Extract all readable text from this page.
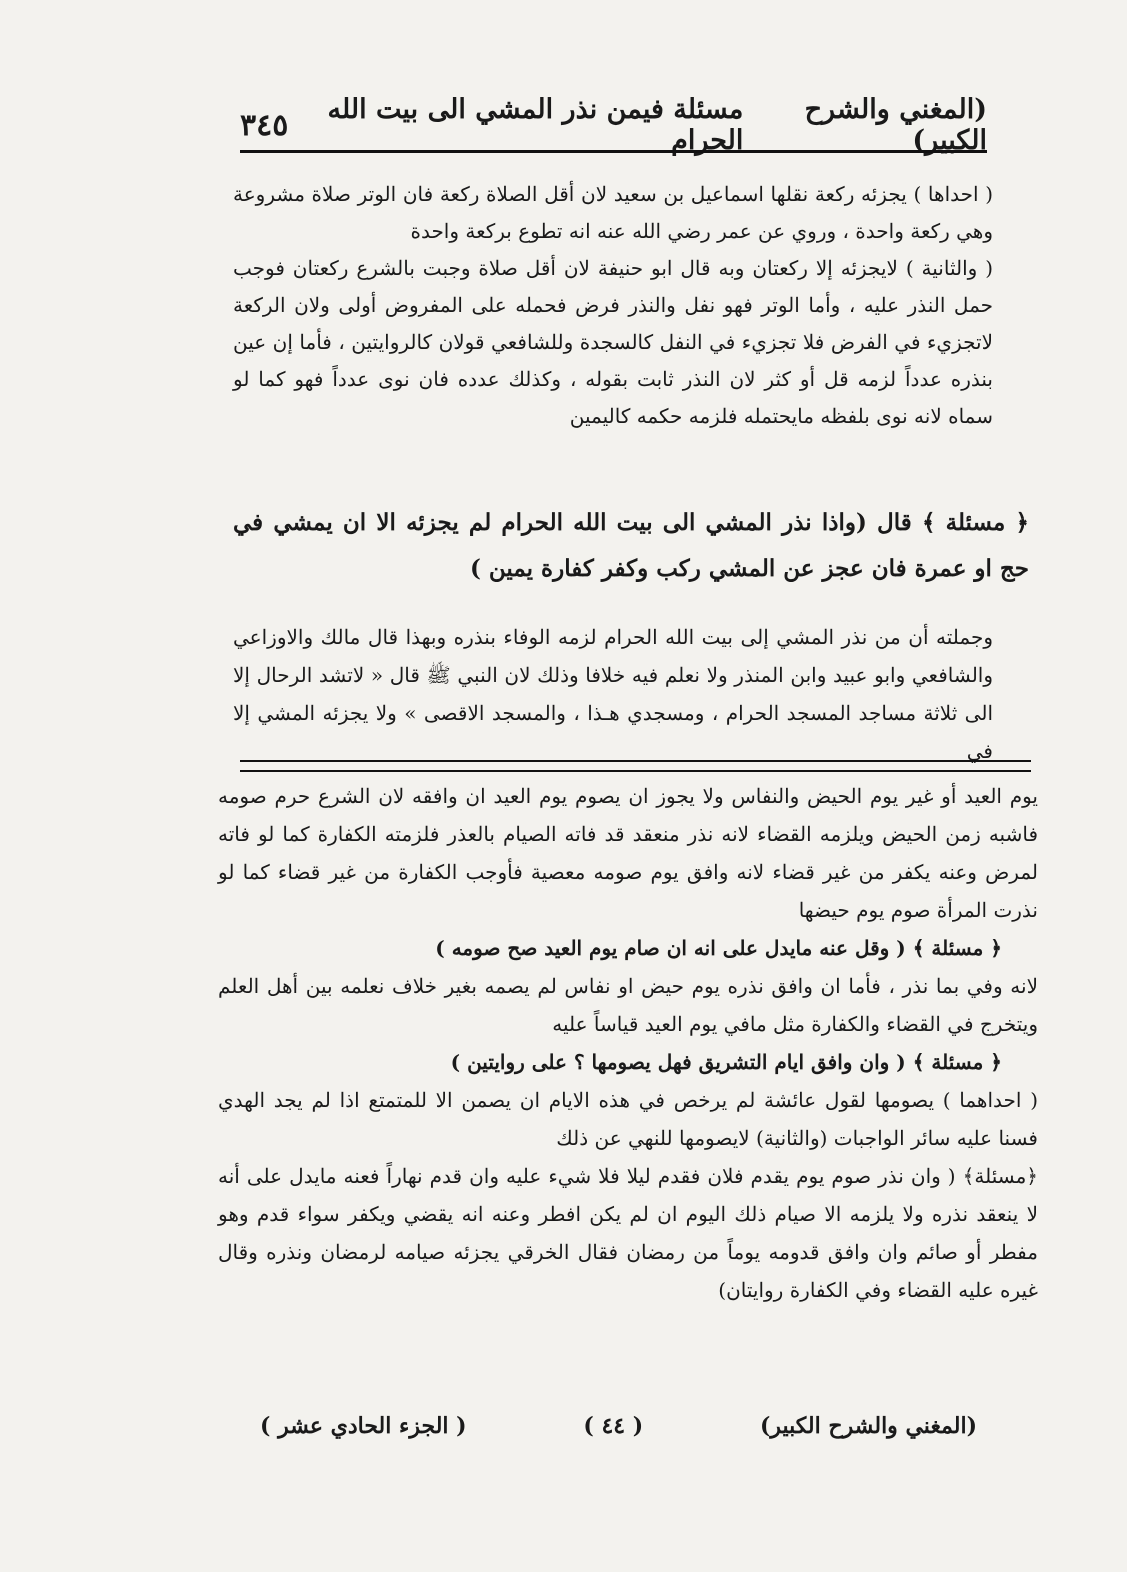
(المغني والشرح الكبير)
مسئلة فيمن نذر المشي الى بيت الله الحرام
٣٤٥

( احداها ) يجزئه ركعة نقلها اسماعيل بن سعيد لان أقل الصلاة ركعة فان الوتر صلاة مشروعة وهي ركعة واحدة ، وروي عن عمر رضي الله عنه انه تطوع بركعة واحدة

( والثانية ) لايجزئه إلا ركعتان وبه قال ابو حنيفة لان أقل صلاة وجبت بالشرع ركعتان فوجب حمل النذر عليه ، وأما الوتر فهو نفل والنذر فرض فحمله على المفروض أولى ولان الركعة لاتجزيء في الفرض فلا تجزيء في النفل كالسجدة وللشافعي قولان كالروايتين ، فأما إن عين بنذره عدداً لزمه قل أو كثر لان النذر ثابت بقوله ، وكذلك عدده فان نوى عدداً فهو كما لو سماه لانه نوى بلفظه مايحتمله فلزمه حكمه كاليمين

﴿ مسئلة ﴾ قال (واذا نذر المشي الى بيت الله الحرام لم يجزئه الا ان يمشي في حج او عمرة فان عجز عن المشي ركب وكفر كفارة يمين )

وجملته أن من نذر المشي إلى بيت الله الحرام لزمه الوفاء بنذره وبهذا قال مالك والاوزاعي والشافعي وابو عبيد وابن المنذر ولا نعلم فيه خلافا وذلك لان النبي ﷺ قال « لاتشد الرحال إلا الى ثلاثة مساجد المسجد الحرام ، ومسجدي هـذا ، والمسجد الاقصى » ولا يجزئه المشي إلا في

يوم العيد أو غير يوم الحيض والنفاس ولا يجوز ان يصوم يوم العيد ان وافقه لان الشرع حرم صومه فاشبه زمن الحيض ويلزمه القضاء لانه نذر منعقد قد فاته الصيام بالعذر فلزمته الكفارة كما لو فاته لمرض وعنه يكفر من غير قضاء لانه وافق يوم صومه معصية فأوجب الكفارة من غير قضاء كما لو نذرت المرأة صوم يوم حيضها

﴿ مسئلة ﴾ ( وقل عنه مايدل على انه ان صام يوم العيد صح صومه )

لانه وفي بما نذر ، فأما ان وافق نذره يوم حيض او نفاس لم يصمه بغير خلاف نعلمه بين أهل العلم ويتخرج في القضاء والكفارة مثل مافي يوم العيد قياساً عليه

﴿ مسئلة ﴾ ( وان وافق ايام التشريق فهل يصومها ؟ على روايتين )

( احداهما ) يصومها لقول عائشة لم يرخص في هذه الايام ان يصمن الا للمتمتع اذا لم يجد الهدي فسنا عليه سائر الواجبات (والثانية) لايصومها للنهي عن ذلك

﴿مسئلة﴾ ( وان نذر صوم يوم يقدم فلان فقدم ليلا فلا شيء عليه وان قدم نهاراً فعنه مايدل على أنه لا ينعقد نذره ولا يلزمه الا صيام ذلك اليوم ان لم يكن افطر وعنه انه يقضي ويكفر سواء قدم وهو مفطر أو صائم وان وافق قدومه يوماً من رمضان فقال الخرقي يجزئه صيامه لرمضان ونذره وقال غيره عليه القضاء وفي الكفارة روايتان)

(المغني والشرح الكبير)
( ٤٤ )
( الجزء الحادي عشر )
